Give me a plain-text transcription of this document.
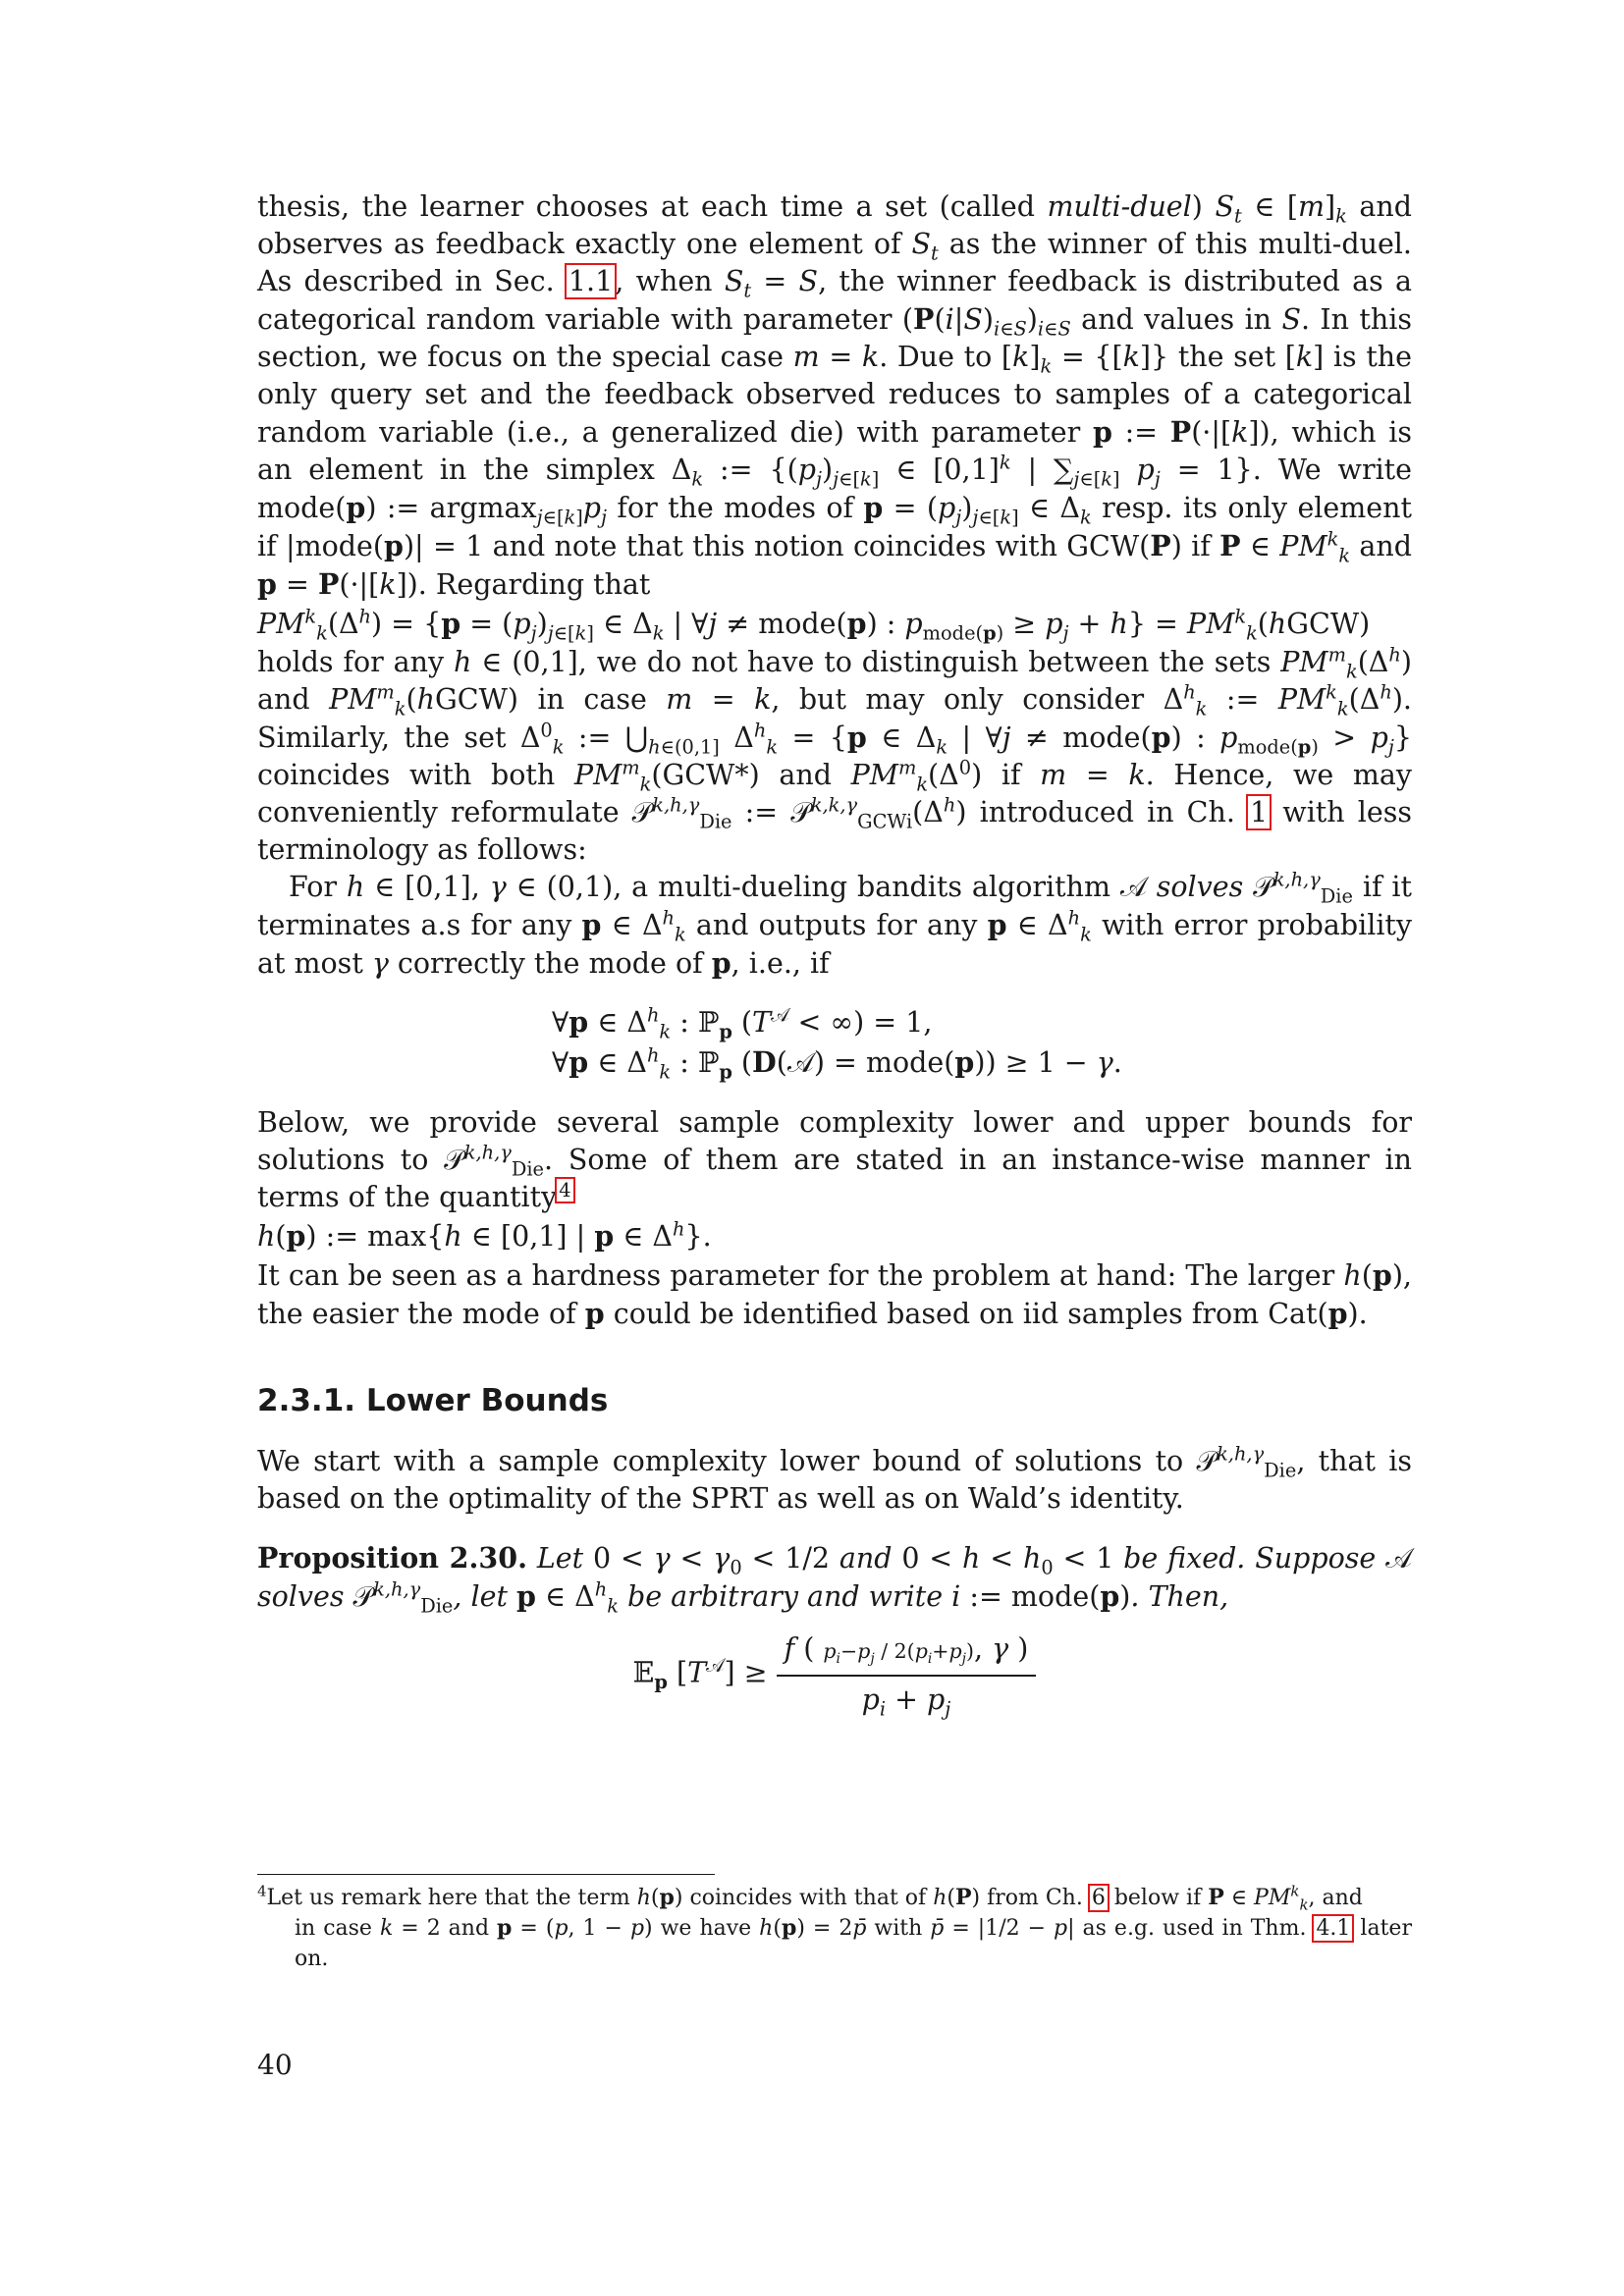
thesis, the learner chooses at each time a set (called multi-duel) $S_t$ ∈ $[m]_k$ and observes as feedback exactly one element of $S_t$ as the winner of this multi-duel. As described in Sec. 1.1, when $S_t = S$, the winner feedback is distributed as a categorical random variable with parameter $(P(i|S)_{i\in S})_{i\in S}$ and values in S. In this section, we focus on the special case m = k. Due to $[k]_k = \{[k]\}$ the set [k] is the only query set and the feedback observed reduces to samples of a categorical random variable (i.e., a generalized die) with parameter p := P(·|[k]), which is an element in the simplex $\Delta_k$ := {$(p_j)_{j\in[k]}$ ∈ $[0,1]^k$ | $\sum_{j\in[k]}$ $p_j = 1$}. We write mode(p) := $argmax_{j\in[k]}p_j$ for the modes of $p = (p_j)_{j\in[k]}$ ∈ $\Delta_k$ resp. its only element if |mode(p)| = 1 and note that this notion coincides with GCW(P) if P ∈ $PM^k_k$ and p = P(·|[k]). Regarding that

$PM^k_k(\Delta^h) = \{p = (p_j)_{j\in[k]}$ ∈ $\Delta_k$ | ∀j ≠ mode(p) : $p_{mode(p)} \ge p_j + h$} = $PM^k_k(hGCW)$

holds for any h ∈ (0,1], we do not have to distinguish between the sets $PM^m_k(\Delta^h)$ and $PM^m_k(hGCW)$ in case m = k, but may only consider $\Delta^h_k$ := $PM^k_k(\Delta^h)$. Similarly, the set $\Delta^0_k$ := $⋃_{h\in(0,1]}$ $\Delta^h_k = \{p$ ∈ $\Delta_k$ | ∀j ≠ mode(p) : $p_{mode(p)} > p_j$} coincides with both $PM^m_k(GCW*)$ and $PM^m_k(\Delta^0)$ if m = k. Hence, we may conveniently reformulate 𝒫$^{k,h,\gamma}_{Die}$ := $𝒫^{k,k,\gamma}_{GCWi}(\Delta^h)$ introduced in Ch. 1 with less terminology as follows:

For h ∈ [0,1], γ ∈ (0,1), a multi-dueling bandits algorithm 𝒜 solves 𝒫$^{k,h,\gamma}_{Die}$ if it terminates a.s for any p ∈ $\Delta^h_k$ and outputs for any p ∈ $\Delta^h_k$ with error probability at most γ correctly the mode of p, i.e., if

∀p ∈ $\Delta^h_k$ : ℙ$_p$ ($T^𝒜$ < ∞) = 1,
∀p ∈ $\Delta^h_k$ : ℙ$_p$ (D(𝒜) = mode(p)) ≥ 1 − γ.

Below, we provide several sample complexity lower and upper bounds for solutions to 𝒫$^{k,h,\gamma}_{Die}$. Some of them are stated in an instance-wise manner in terms of the quantity $^4$

h(p) := max{h ∈ [0,1] | p ∈ $\Delta^h$}.

It can be seen as a hardness parameter for the problem at hand: The larger h(p), the easier the mode of p could be identified based on iid samples from Cat(p).

2.3.1. Lower Bounds

We start with a sample complexity lower bound of solutions to 𝒫$^{k,h,\gamma}_{Die}$, that is based on the optimality of the SPRT as well as on Wald’s identity.

Proposition 2.30. Let $0 < \gamma < \gamma_0 < 1/2$ and $0 < h < h_0 < 1$ be fixed. Suppose 𝒜 solves 𝒫$^{k,h,\gamma}_{Die}$, let p ∈ $\Delta^h_k$ be arbitrary and write i := mode(p). Then,

𝔼$_p$ $[T^𝒜] \ge \frac{f ( p_i-p_j / 2(p_i+p_j), \gamma )}{p_i + p_j}$
$^4$Let us remark here that the term h(p) coincides with that of h(P) from Ch. 6 below if P ∈ $PM^k_k$, and
in case k = 2 and p = (p, 1 − p) we have h(p) = 2p̄ with p̄ = |1/2 − p| as e.g. used in Thm. 4.1 later on.
40
